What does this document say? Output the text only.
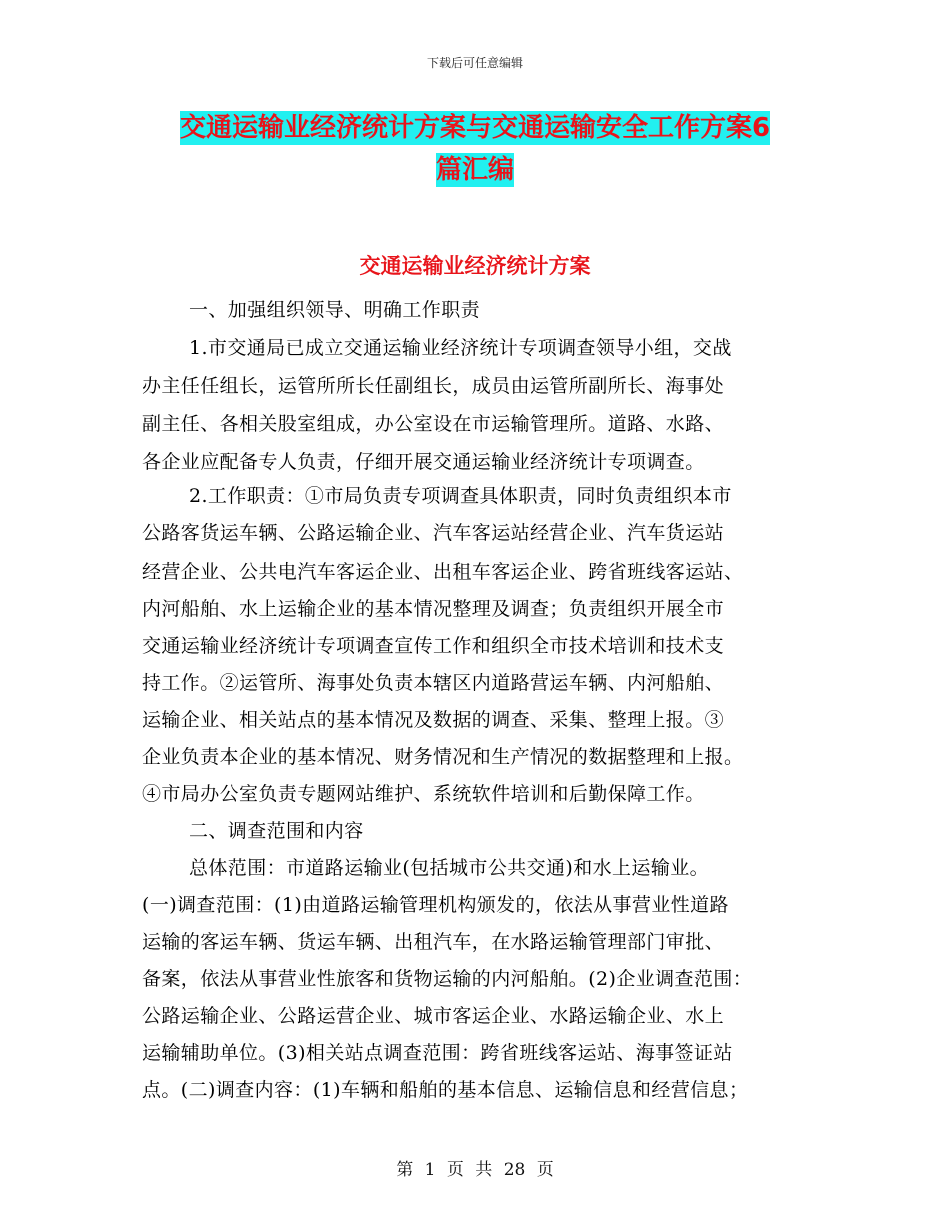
下载后可任意编辑
交通运输业经济统计方案与交通运输安全工作方案6
篇汇编
交通运输业经济统计方案
一、加强组织领导、明确工作职责
1.市交通局已成立交通运输业经济统计专项调查领导小组，交战
办主任任组长，运管所所长任副组长，成员由运管所副所长、海事处
副主任、各相关股室组成，办公室设在市运输管理所。道路、水路、
各企业应配备专人负责，仔细开展交通运输业经济统计专项调查。
2.工作职责：①市局负责专项调查具体职责，同时负责组织本市
公路客货运车辆、公路运输企业、汽车客运站经营企业、汽车货运站
经营企业、公共电汽车客运企业、出租车客运企业、跨省班线客运站、
内河船舶、水上运输企业的基本情况整理及调查；负责组织开展全市
交通运输业经济统计专项调查宣传工作和组织全市技术培训和技术支
持工作。②运管所、海事处负责本辖区内道路营运车辆、内河船舶、
运输企业、相关站点的基本情况及数据的调查、采集、整理上报。③
企业负责本企业的基本情况、财务情况和生产情况的数据整理和上报。
④市局办公室负责专题网站维护、系统软件培训和后勤保障工作。
二、调查范围和内容
总体范围：市道路运输业(包括城市公共交通)和水上运输业。
(一)调查范围：(1)由道路运输管理机构颁发的，依法从事营业性道路
运输的客运车辆、货运车辆、出租汽车，在水路运输管理部门审批、
备案，依法从事营业性旅客和货物运输的内河船舶。(2)企业调查范围：
公路运输企业、公路运营企业、城市客运企业、水路运输企业、水上
运输辅助单位。(3)相关站点调查范围：跨省班线客运站、海事签证站
点。(二)调查内容：(1)车辆和船舶的基本信息、运输信息和经营信息；
第 1 页 共 28 页
